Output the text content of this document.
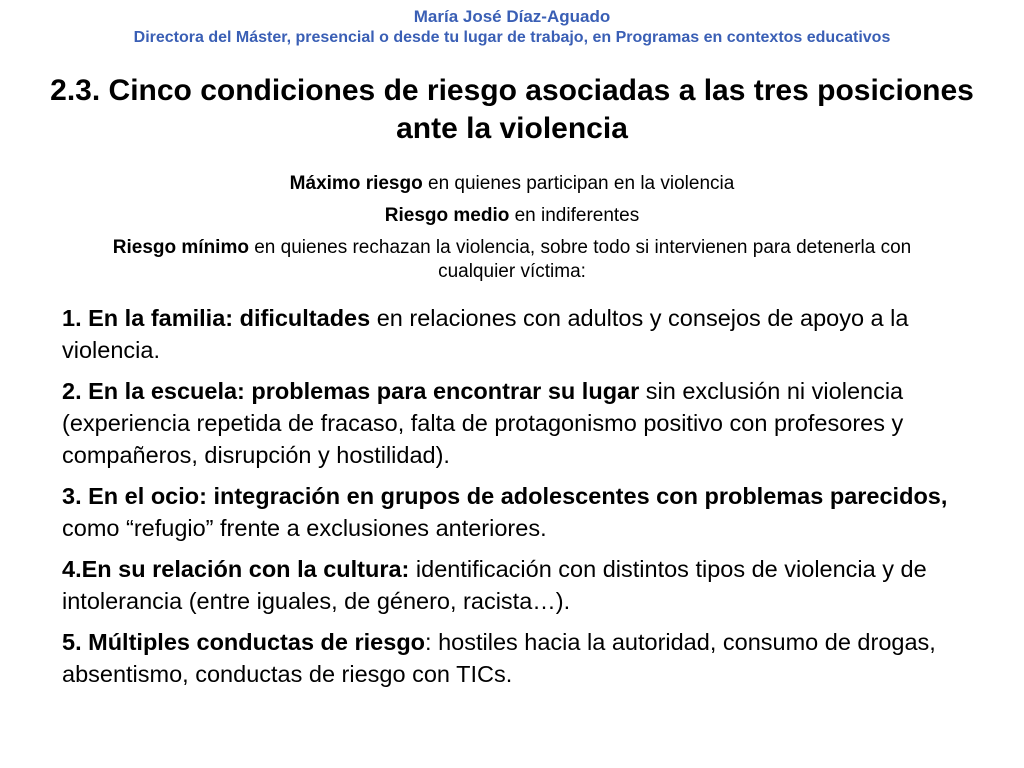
María José Díaz-Aguado
Directora del Máster, presencial o desde tu lugar de trabajo, en Programas en contextos educativos
2.3. Cinco condiciones de riesgo asociadas a las tres posiciones ante la violencia

Máximo riesgo en quienes participan en la violencia

Riesgo medio en indiferentes

Riesgo mínimo en quienes rechazan la violencia, sobre todo si intervienen para detenerla con cualquier víctima:

1. En la familia: dificultades en relaciones con adultos y consejos de apoyo a la violencia.

2. En la escuela: problemas para encontrar su lugar sin exclusión ni violencia (experiencia repetida de fracaso, falta de protagonismo positivo con profesores y compañeros, disrupción y hostilidad).

3. En el ocio: integración en grupos de adolescentes con problemas parecidos, como “refugio” frente a exclusiones anteriores.

4.En su relación con la cultura: identificación con distintos tipos de violencia y de intolerancia (entre iguales, de género, racista…).

5. Múltiples conductas de riesgo: hostiles hacia la autoridad, consumo de drogas, absentismo, conductas de riesgo con TICs.
